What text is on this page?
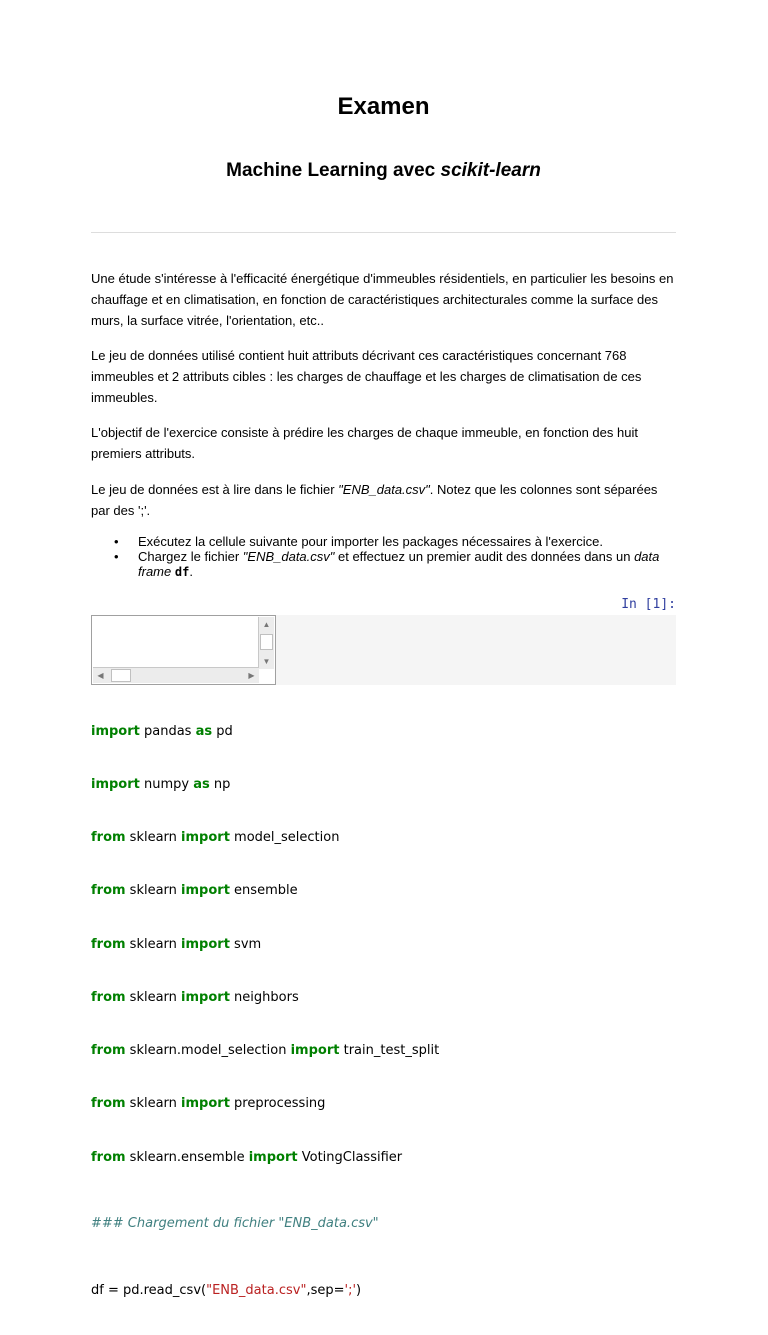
Examen
Machine Learning avec scikit-learn

Une étude s'intéresse à l'efficacité énergétique d'immeubles résidentiels, en particulier les besoins en chauffage et en climatisation, en fonction de caractéristiques architecturales comme la surface des murs, la surface vitrée, l'orientation, etc..

Le jeu de données utilisé contient huit attributs décrivant ces caractéristiques concernant 768 immeubles et 2 attributs cibles : les charges de chauffage et les charges de climatisation de ces immeubles.

L'objectif de l'exercice consiste à prédire les charges de chaque immeuble, en fonction des huit premiers attributs.

Le jeu de données est à lire dans le fichier "ENB_data.csv". Notez que les colonnes sont séparées par des ';'.

• Exécutez la cellule suivante pour importer les packages nécessaires à l'exercice.
• Chargez le fichier "ENB_data.csv" et effectuez un premier audit des données dans un data frame df.
In [1]:
▲
▼
◀	▶

import pandas as pd

import numpy as np

from sklearn import model_selection

from sklearn import ensemble

from sklearn import svm

from sklearn import neighbors

from sklearn.model_selection import train_test_split

from sklearn import preprocessing

from sklearn.ensemble import VotingClassifier

### Chargement du fichier "ENB_data.csv"

df = pd.read_csv("ENB_data.csv",sep=';')
